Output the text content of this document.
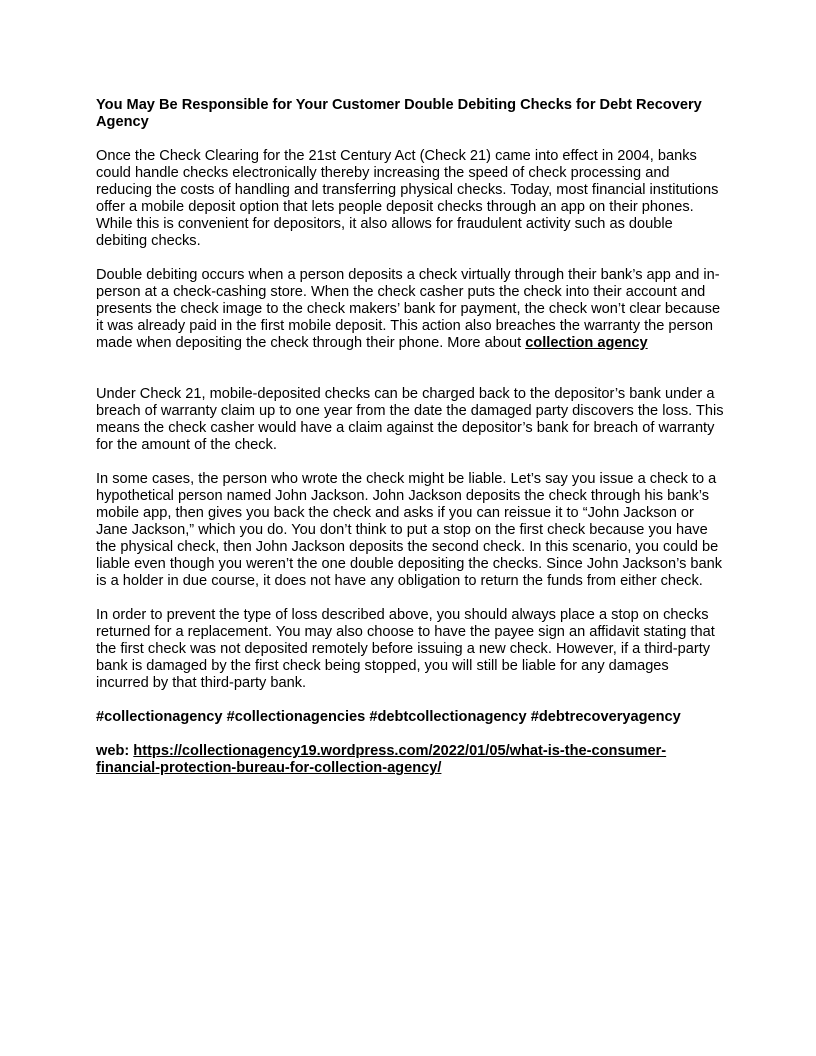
You May Be Responsible for Your Customer Double Debiting Checks for Debt Recovery Agency

Once the Check Clearing for the 21st Century Act (Check 21) came into effect in 2004, banks could handle checks electronically thereby increasing the speed of check processing and reducing the costs of handling and transferring physical checks. Today, most financial institutions offer a mobile deposit option that lets people deposit checks through an app on their phones. While this is convenient for depositors, it also allows for fraudulent activity such as double debiting checks.

Double debiting occurs when a person deposits a check virtually through their bank’s app and in-person at a check-cashing store. When the check casher puts the check into their account and presents the check image to the check makers’ bank for payment, the check won’t clear because it was already paid in the first mobile deposit. This action also breaches the warranty the person made when depositing the check through their phone. More about collection agency

Under Check 21, mobile-deposited checks can be charged back to the depositor’s bank under a breach of warranty claim up to one year from the date the damaged party discovers the loss. This means the check casher would have a claim against the depositor’s bank for breach of warranty for the amount of the check.

In some cases, the person who wrote the check might be liable. Let’s say you issue a check to a hypothetical person named John Jackson. John Jackson deposits the check through his bank’s mobile app, then gives you back the check and asks if you can reissue it to “John Jackson or Jane Jackson,” which you do. You don’t think to put a stop on the first check because you have the physical check, then John Jackson deposits the second check. In this scenario, you could be liable even though you weren’t the one double depositing the checks. Since John Jackson’s bank is a holder in due course, it does not have any obligation to return the funds from either check.

In order to prevent the type of loss described above, you should always place a stop on checks returned for a replacement. You may also choose to have the payee sign an affidavit stating that the first check was not deposited remotely before issuing a new check. However, if a third-party bank is damaged by the first check being stopped, you will still be liable for any damages incurred by that third-party bank.

#collectionagency #collectionagencies #debtcollectionagency #debtrecoveryagency

web: https://collectionagency19.wordpress.com/2022/01/05/what-is-the-consumer-financial-protection-bureau-for-collection-agency/
